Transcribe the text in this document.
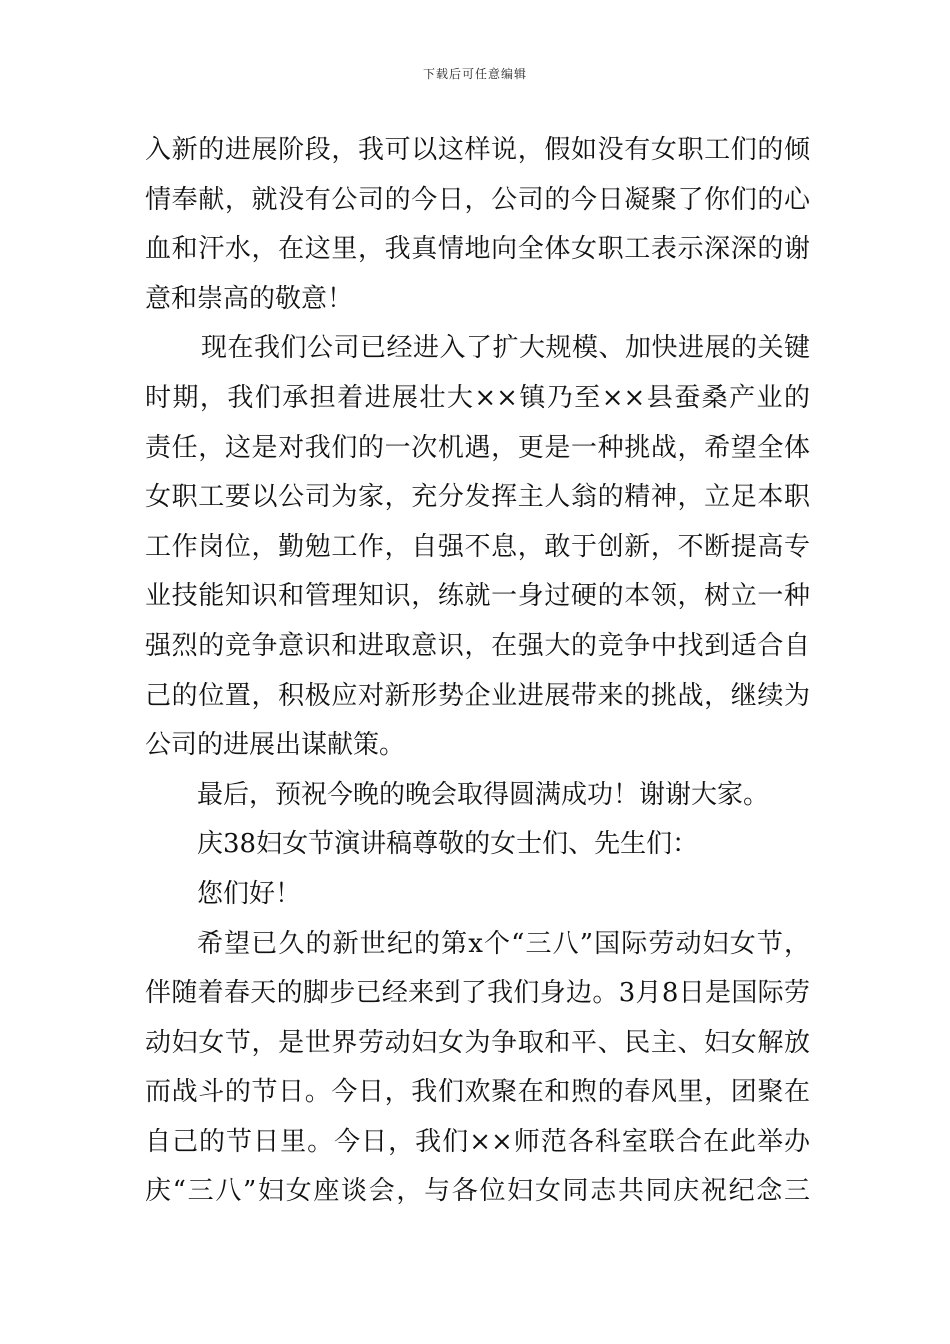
下载后可任意编辑
入新的进展阶段，我可以这样说，假如没有女职工们的倾
情奉献，就没有公司的今日，公司的今日凝聚了你们的心
血和汗水，在这里，我真情地向全体女职工表示深深的谢
意和崇高的敬意！
现在我们公司已经进入了扩大规模、加快进展的关键
时期，我们承担着进展壮大××镇乃至××县蚕桑产业的
责任，这是对我们的一次机遇，更是一种挑战，希望全体
女职工要以公司为家，充分发挥主人翁的精神，立足本职
工作岗位，勤勉工作，自强不息，敢于创新，不断提高专
业技能知识和管理知识，练就一身过硬的本领，树立一种
强烈的竞争意识和进取意识，在强大的竞争中找到适合自
己的位置，积极应对新形势企业进展带来的挑战，继续为
公司的进展出谋献策。
最后，预祝今晚的晚会取得圆满成功！谢谢大家。
庆38妇女节演讲稿尊敬的女士们、先生们：
您们好！
希望已久的新世纪的第x个“三八”国际劳动妇女节，
伴随着春天的脚步已经来到了我们身边。3月8日是国际劳
动妇女节，是世界劳动妇女为争取和平、民主、妇女解放
而战斗的节日。今日，我们欢聚在和煦的春风里，团聚在
自己的节日里。今日，我们××师范各科室联合在此举办
庆“三八”妇女座谈会，与各位妇女同志共同庆祝纪念三
